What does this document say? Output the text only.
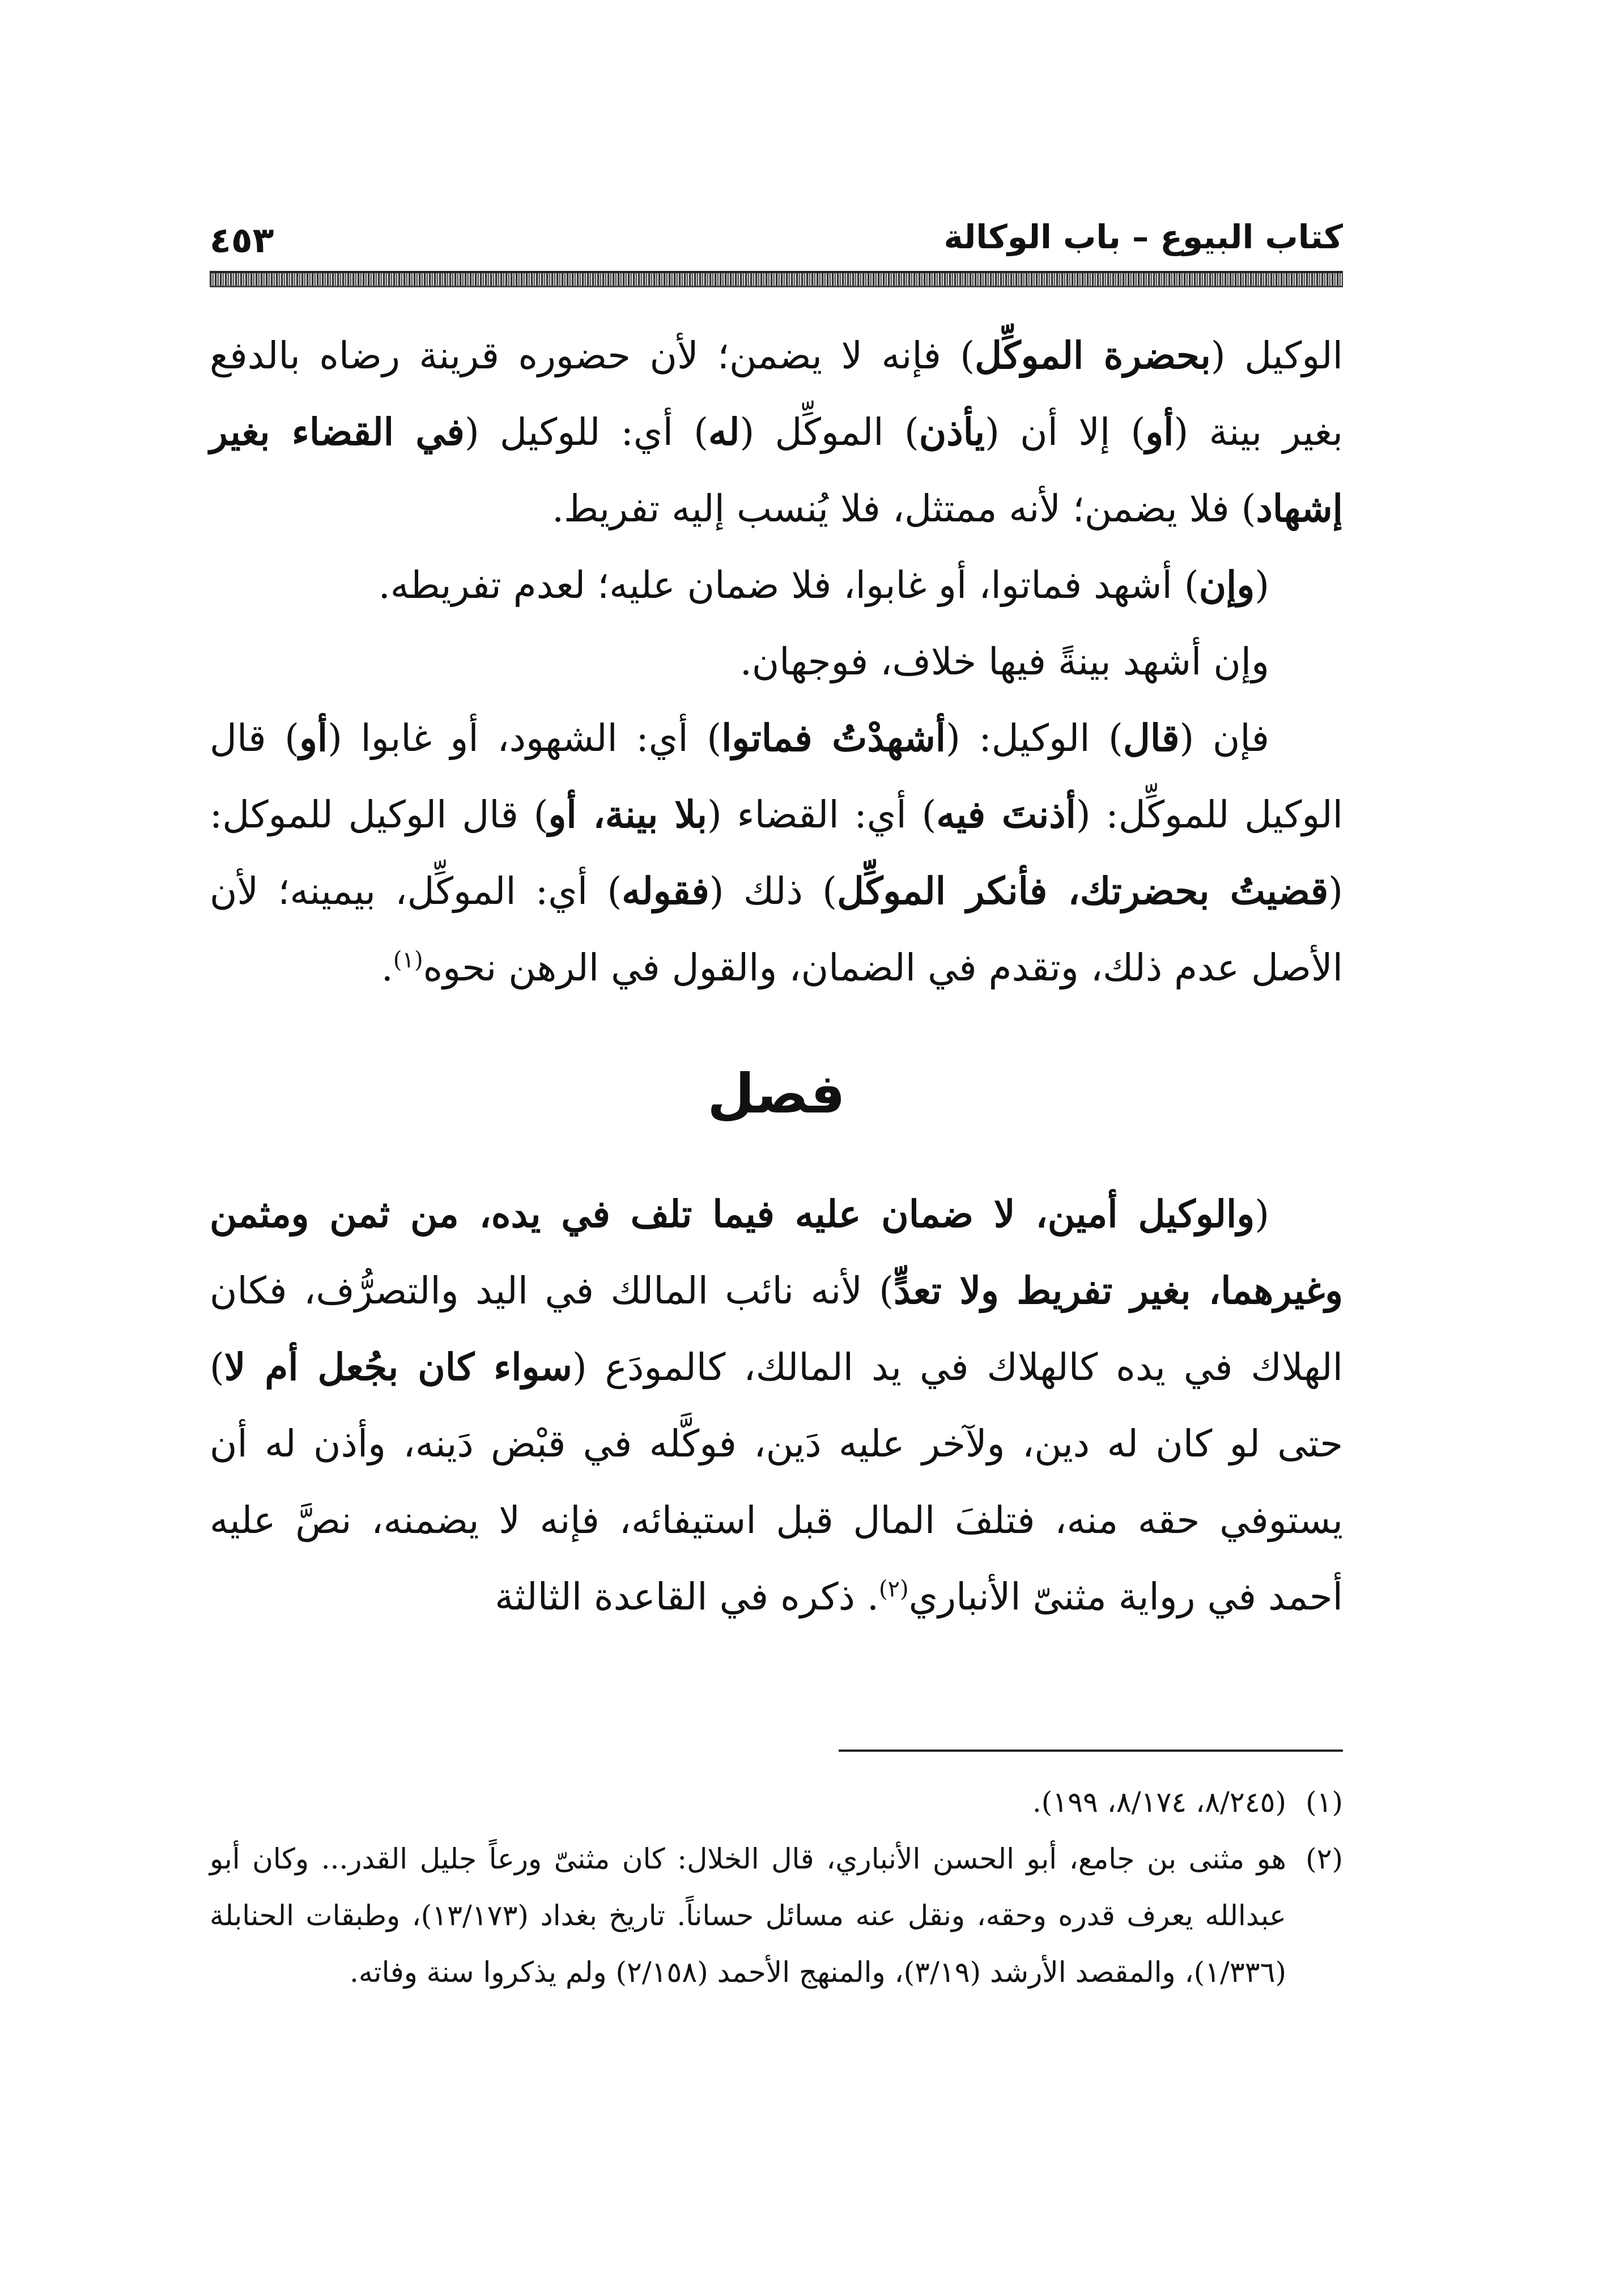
كتاب البيوع – باب الوكالة
٤٥٣

الوكيل (بحضرة الموكِّل) فإنه لا يضمن؛ لأن حضوره قرينة رضاه بالدفع بغير بينة (أو) إلا أن (يأذن) الموكِّل (له) أي: للوكيل (في القضاء بغير إشهاد) فلا يضمن؛ لأنه ممتثل، فلا يُنسب إليه تفريط.

(وإن) أشهد فماتوا، أو غابوا، فلا ضمان عليه؛ لعدم تفريطه.

وإن أشهد بينةً فيها خلاف، فوجهان.

فإن (قال) الوكيل: (أشهدْتُ فماتوا) أي: الشهود، أو غابوا (أو) قال الوكيل للموكِّل: (أذنتَ فيه) أي: القضاء (بلا بينة، أو) قال الوكيل للموكل: (قضيتُ بحضرتك، فأنكر الموكِّل) ذلك (فقوله) أي: الموكِّل، بيمينه؛ لأن الأصل عدم ذلك، وتقدم في الضمان، والقول في الرهن نحوه$^{(١)}$.

فصل

(والوكيل أمين، لا ضمان عليه فيما تلف في يده، من ثمن ومثمن وغيرهما، بغير تفريط ولا تعدٍّ) لأنه نائب المالك في اليد والتصرُّف، فكان الهلاك في يده كالهلاك في يد المالك، كالمودَع (سواء كان بجُعل أم لا) حتى لو كان له دين، ولآخر عليه دَين، فوكَّله في قبْض دَينه، وأذن له أن يستوفي حقه منه، فتلفَ المال قبل استيفائه، فإنه لا يضمنه، نصَّ عليه أحمد في رواية مثنىّ الأنباري$^{(٢)}$. ذكره في القاعدة الثالثة

(١)(٨/٢٤٥، ٨/١٧٤، ١٩٩).

(٢)هو مثنى بن جامع، أبو الحسن الأنباري، قال الخلال: كان مثنىّ ورعاً جليل القدر... وكان أبو عبدالله يعرف قدره وحقه، ونقل عنه مسائل حساناً. تاريخ بغداد (١٣/١٧٣)، وطبقات الحنابلة (١/٣٣٦)، والمقصد الأرشد (٣/١٩)، والمنهج الأحمد (٢/١٥٨) ولم يذكروا سنة وفاته.
